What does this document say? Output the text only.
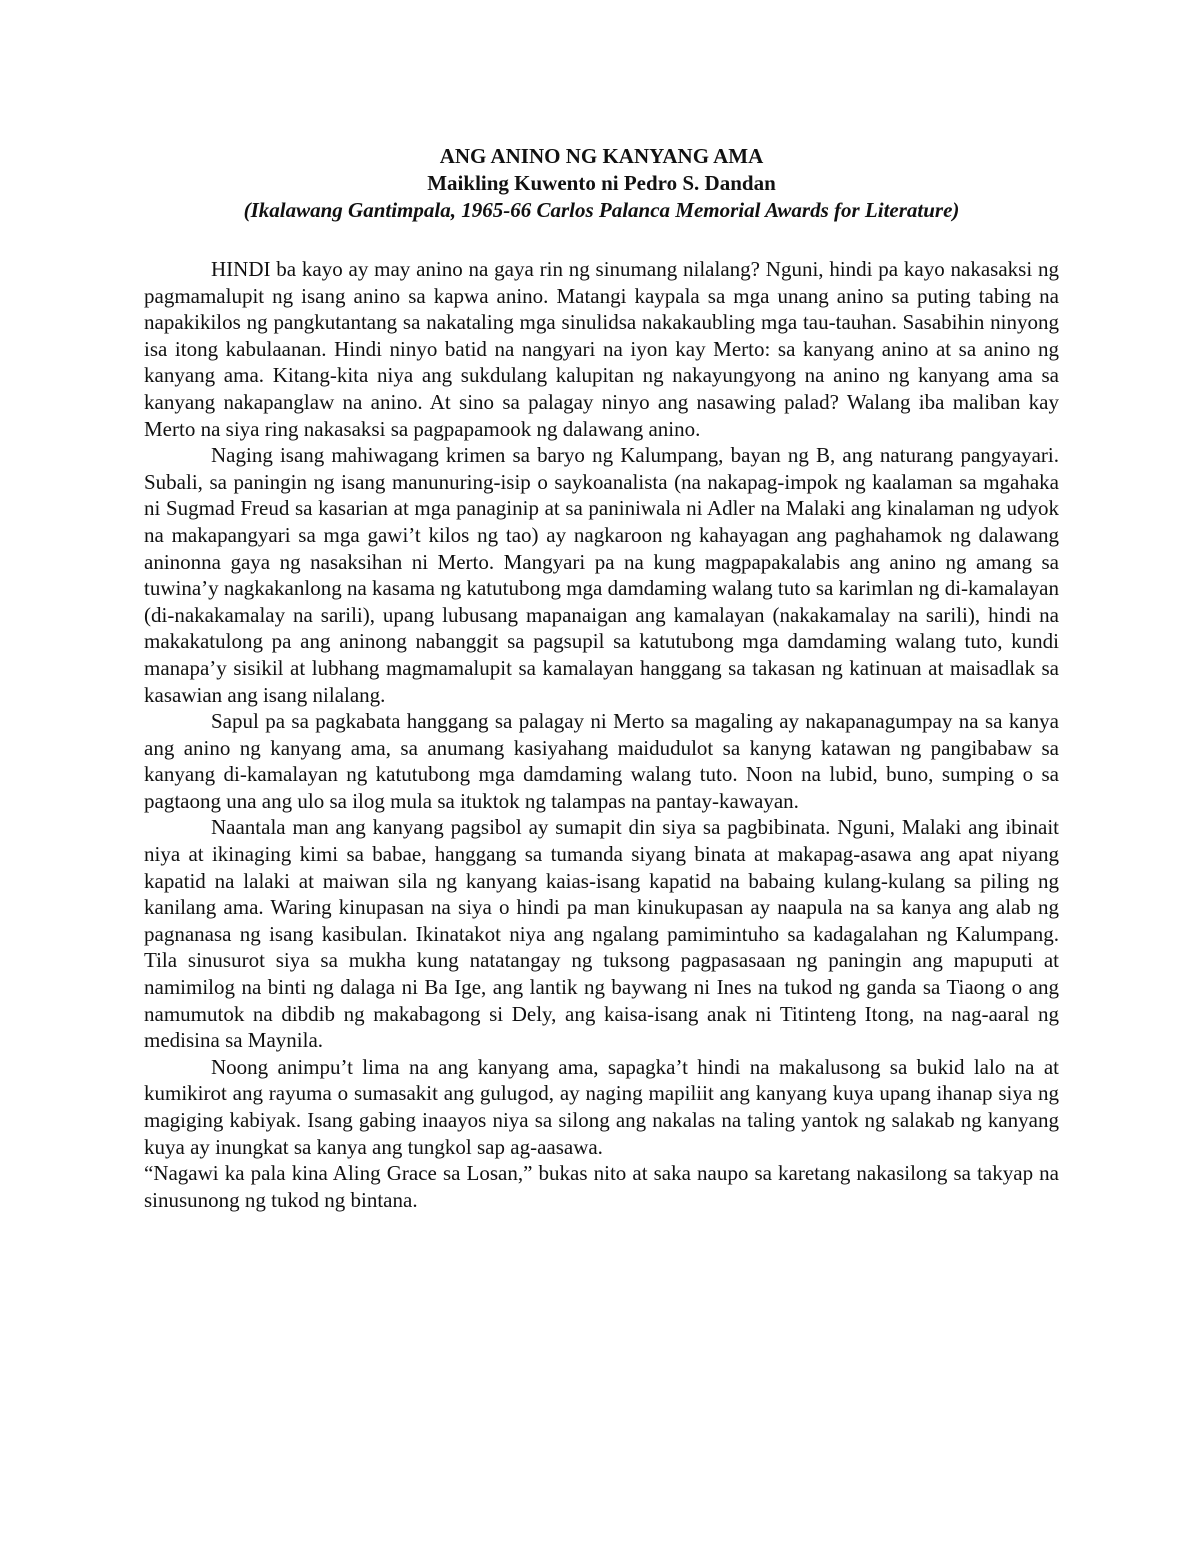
ANG ANINO NG KANYANG AMA
Maikling Kuwento ni Pedro S. Dandan
(Ikalawang Gantimpala, 1965-66 Carlos Palanca Memorial Awards for Literature)

HINDI ba kayo ay may anino na gaya rin ng sinumang nilalang? Nguni, hindi pa kayo nakasaksi ng pagmamalupit ng isang anino sa kapwa anino. Matangi kaypala sa mga unang anino sa puting tabing na napakikilos ng pangkutantang sa nakataling mga sinulidsa nakakaubling mga tau-tauhan. Sasabihin ninyong isa itong kabulaanan. Hindi ninyo batid na nangyari na iyon kay Merto: sa kanyang anino at sa anino ng kanyang ama. Kitang-kita niya ang sukdulang kalupitan ng nakayungyong na anino ng kanyang ama sa kanyang nakapanglaw na anino. At sino sa palagay ninyo ang nasawing palad? Walang iba maliban kay Merto na siya ring nakasaksi sa pagpapamook ng dalawang anino.

Naging isang mahiwagang krimen sa baryo ng Kalumpang, bayan ng B, ang naturang pangyayari. Subali, sa paningin ng isang manunuring-isip o saykoanalista (na nakapag-impok ng kaalaman sa mgahaka ni Sugmad Freud sa kasarian at mga panaginip at sa paniniwala ni Adler na Malaki ang kinalaman ng udyok na makapangyari sa mga gawi’t kilos ng tao) ay nagkaroon ng kahayagan ang paghahamok ng dalawang aninonna gaya ng nasaksihan ni Merto. Mangyari pa na kung magpapakalabis ang anino ng amang sa tuwina’y nagkakanlong na kasama ng katutubong mga damdaming walang tuto sa karimlan ng di-kamalayan (di-nakakamalay na sarili), upang lubusang mapanaigan ang kamalayan (nakakamalay na sarili), hindi na makakatulong pa ang aninong nabanggit sa pagsupil sa katutubong mga damdaming walang tuto, kundi manapa’y sisikil at lubhang magmamalupit sa kamalayan hanggang sa takasan ng katinuan at maisadlak sa kasawian ang isang nilalang.

Sapul pa sa pagkabata hanggang sa palagay ni Merto sa magaling ay nakapanagumpay na sa kanya ang anino ng kanyang ama, sa anumang kasiyahang maidudulot sa kanyng katawan ng pangibabaw sa kanyang di-kamalayan ng katutubong mga damdaming walang tuto. Noon na lubid, buno, sumping o sa pagtaong una ang ulo sa ilog mula sa ituktok ng talampas na pantay-kawayan.

Naantala man ang kanyang pagsibol ay sumapit din siya sa pagbibinata. Nguni, Malaki ang ibinait niya at ikinaging kimi sa babae, hanggang sa tumanda siyang binata at makapag-asawa ang apat niyang kapatid na lalaki at maiwan sila ng kanyang kaias-isang kapatid na babaing kulang-kulang sa piling ng kanilang ama. Waring kinupasan na siya o hindi pa man kinukupasan ay naapula na sa kanya ang alab ng pagnanasa ng isang kasibulan. Ikinatakot niya ang ngalang pamimintuho sa kadagalahan ng Kalumpang. Tila sinusurot siya sa mukha kung natatangay ng tuksong pagpasasaan ng paningin ang mapuputi at namimilog na binti ng dalaga ni Ba Ige, ang lantik ng baywang ni Ines na tukod ng ganda sa Tiaong o ang namumutok na dibdib ng makabagong si Dely, ang kaisa-isang anak ni Titinteng Itong, na nag-aaral ng medisina sa Maynila.

Noong animpu’t lima na ang kanyang ama, sapagka’t hindi na makalusong sa bukid lalo na at kumikirot ang rayuma o sumasakit ang gulugod, ay naging mapiliit ang kanyang kuya upang ihanap siya ng magiging kabiyak. Isang gabing inaayos niya sa silong ang nakalas na taling yantok ng salakab ng kanyang kuya ay inungkat sa kanya ang tungkol sap ag-aasawa.

“Nagawi ka pala kina Aling Grace sa Losan,” bukas nito at saka naupo sa karetang nakasilong sa takyap na sinusunong ng tukod ng bintana.
